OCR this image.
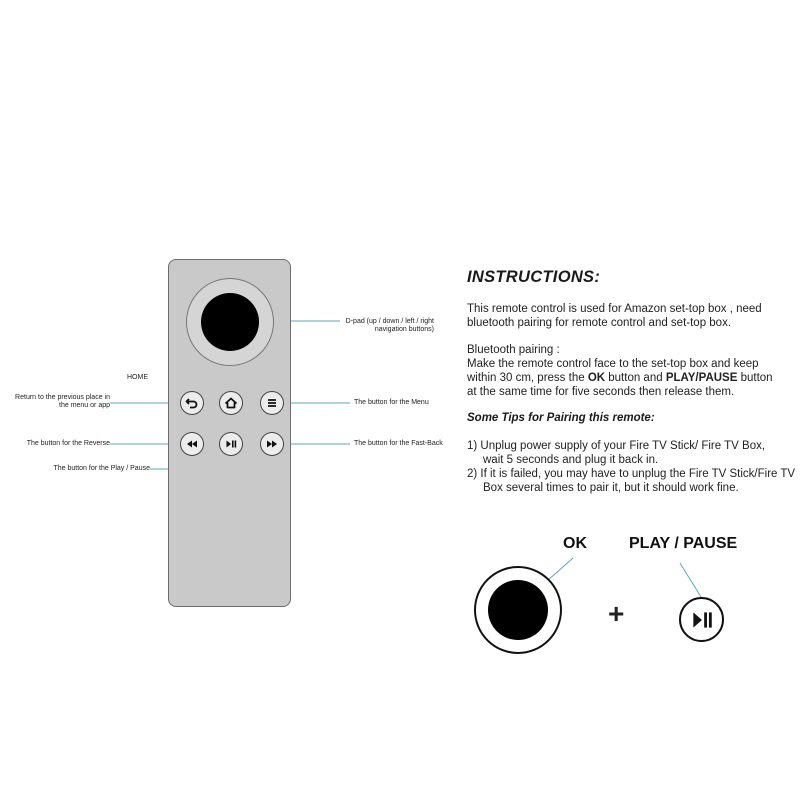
HOME
D-pad (up / down / left / right
navigation buttons)
Return to the previous place in
the menu or app	The button for the Menu
The button for the Reverse	The button for the Fast-Back
The button for the Play / Pause
INSTRUCTIONS:
This remote control is used for Amazon set-top box , need
bluetooth pairing for remote control and set-top box.
Bluetooth pairing :
Make the remote control face to the set-top box and keep
within 30 cm, press the OK button and PLAY/PAUSE button
at the same time for five seconds then release them.
Some Tips for Pairing this remote:
1) Unplug power supply of your Fire TV Stick/ Fire TV Box,
wait 5 seconds and plug it back in.
2) If it is failed, you may have to unplug the Fire TV Stick/Fire TV
Box several times to pair it, but it should work fine.
OK	PLAY / PAUSE
+
